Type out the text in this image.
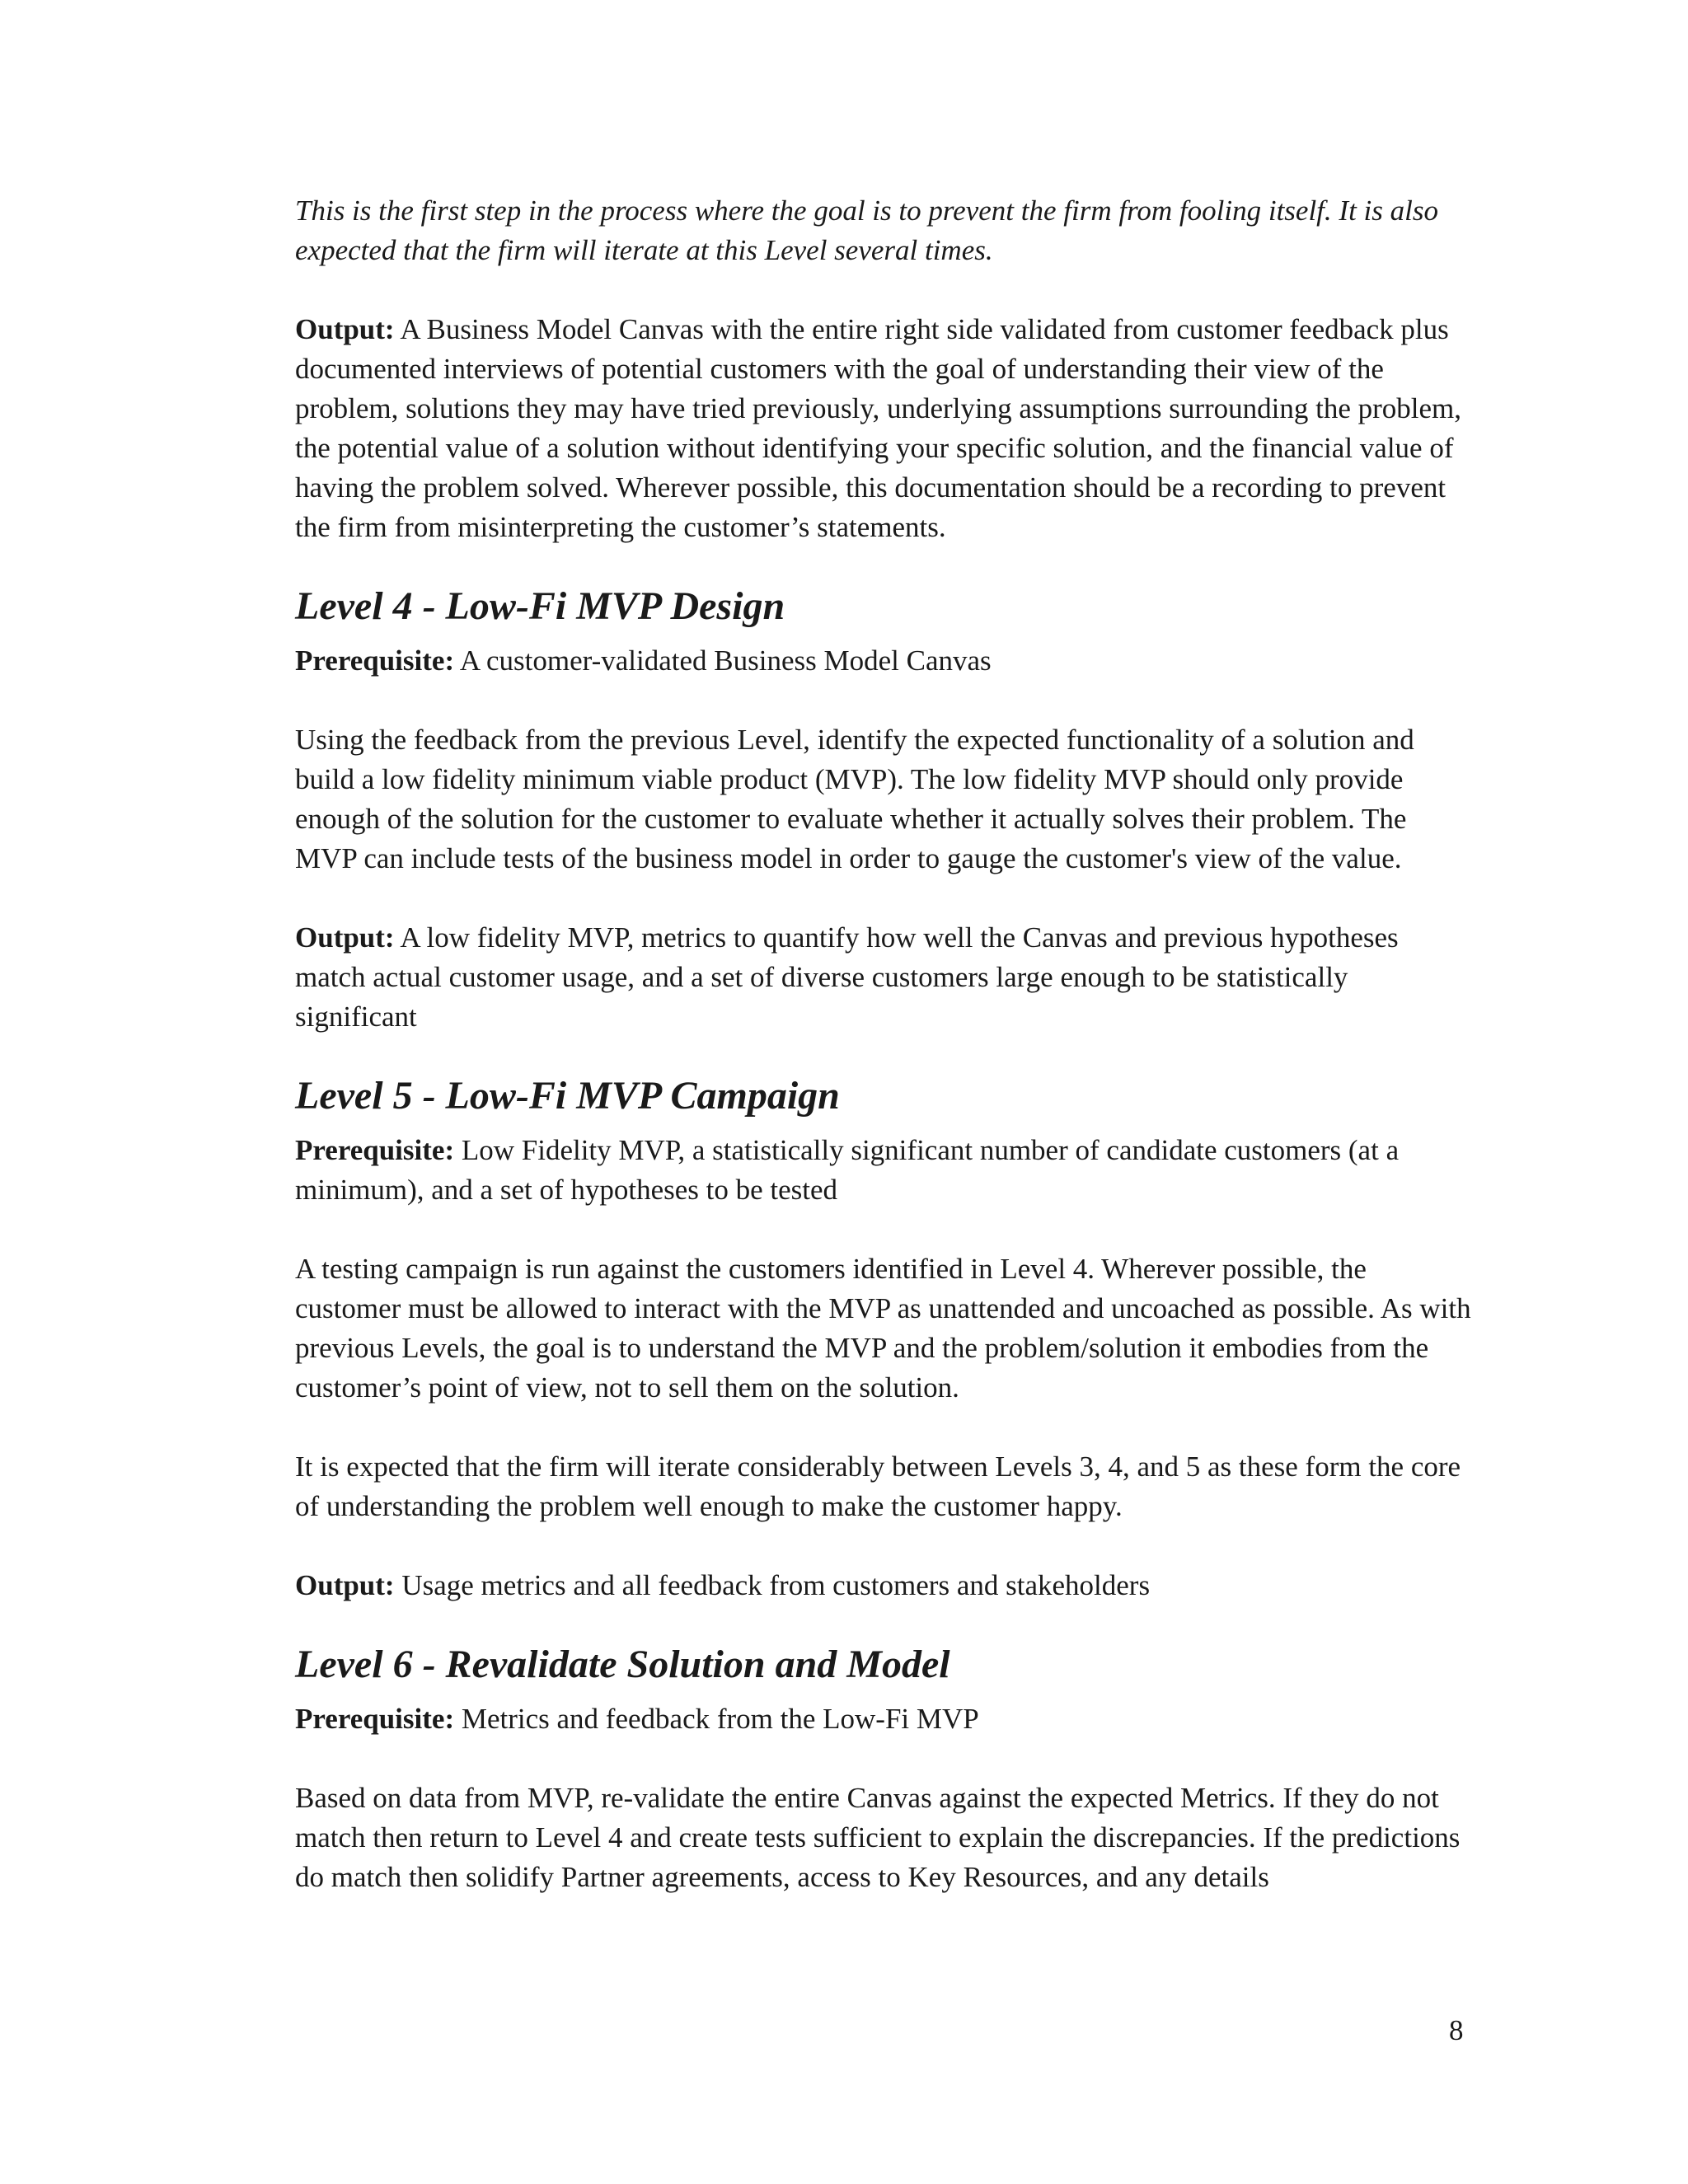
This is the first step in the process where the goal is to prevent the firm from fooling itself. It is also expected that the firm will iterate at this Level several times.

Output: A Business Model Canvas with the entire right side validated from customer feedback plus documented interviews of potential customers with the goal of understanding their view of the problem, solutions they may have tried previously, underlying assumptions surrounding the problem, the potential value of a solution without identifying your specific solution, and the financial value of having the problem solved. Wherever possible, this documentation should be a recording to prevent the firm from misinterpreting the customer’s statements.

Level 4 - Low-Fi MVP Design

Prerequisite: A customer-validated Business Model Canvas

Using the feedback from the previous Level, identify the expected functionality of a solution and build a low fidelity minimum viable product (MVP). The low fidelity MVP should only provide enough of the solution for the customer to evaluate whether it actually solves their problem. The MVP can include tests of the business model in order to gauge the customer's view of the value.

Output: A low fidelity MVP, metrics to quantify how well the Canvas and previous hypotheses match actual customer usage, and a set of diverse customers large enough to be statistically significant

Level 5 - Low-Fi MVP Campaign

Prerequisite: Low Fidelity MVP, a statistically significant number of candidate customers (at a minimum), and a set of hypotheses to be tested

A testing campaign is run against the customers identified in Level 4. Wherever possible, the customer must be allowed to interact with the MVP as unattended and uncoached as possible. As with previous Levels, the goal is to understand the MVP and the problem/solution it embodies from the customer’s point of view, not to sell them on the solution.

It is expected that the firm will iterate considerably between Levels 3, 4, and 5 as these form the core of understanding the problem well enough to make the customer happy.

Output: Usage metrics and all feedback from customers and stakeholders

Level 6 - Revalidate Solution and Model

Prerequisite: Metrics and feedback from the Low-Fi MVP

Based on data from MVP, re-validate the entire Canvas against the expected Metrics. If they do not match then return to Level 4 and create tests sufficient to explain the discrepancies. If the predictions do match then solidify Partner agreements, access to Key Resources, and any details

8
